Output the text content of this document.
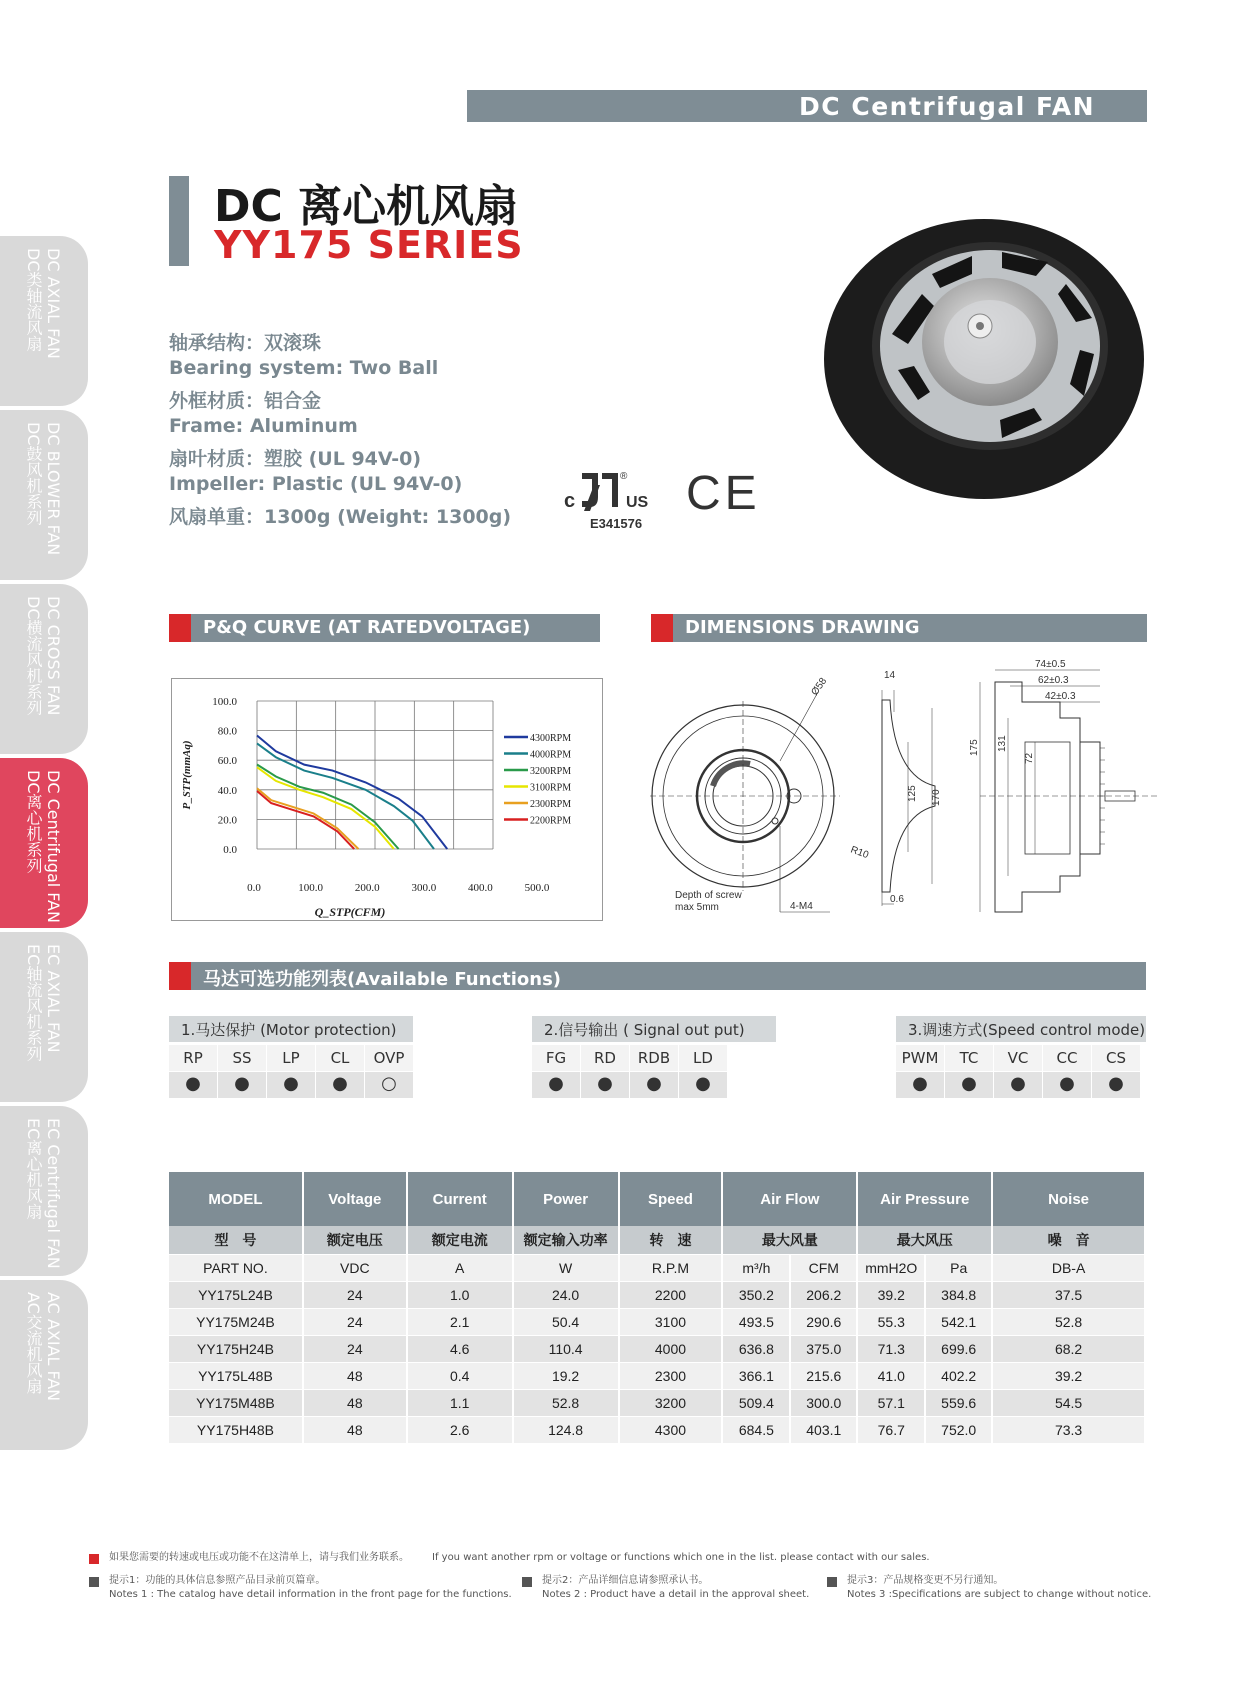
DC Centrifugal FAN
DC 离心机风扇
YY175 SERIES
轴承结构：双滚珠
Bearing system: Two Ball
外框材质：铝合金
Frame: Aluminum
扇叶材质：塑胶 (UL 94V-0)
Impeller: Plastic (UL 94V-0)
风扇单重：1300g (Weight: 1300g)
DC AXIAL FAN
DC类轴流风扇
DC BLOWER FAN
DC鼓风机系列
DC CROSS FAN
DC横流风机系列
DC Centrifugal FAN
DC离心机系列
EC AXIAL FAN
EC轴流风机系列
EC Centrifugal FAN
EC离心机风扇
AC AXIAL FAN
AC交流机风扇
c
®
US CE
E341576
P&Q CURVE (AT RATEDVOLTAGE)	DIMENSIONS DRAWING
马达可选功能列表(Available Functions)
0.0
20.0
40.0
60.0
80.0
100.0
0.0	100.0	200.0	300.0	400.0	500.0
Q_STP(CFM)
P_STP(mmAq)
4300RPM
4000RPM
3200RPM
3100RPM
2300RPM
2200RPM
Ø58
4-M4
Depth of screw
max 5mm
14
125 170
R10
0.6
74±0.5
62±0.3
42±0.3
175 131
72
1.马达保护 (Motor protection)
RP	SS	LP	CL	OVP
●	●	●	●	○
2.信号输出 ( Signal out put)
FG	RD	RDB	LD
●	●	●	●
3.调速方式(Speed control mode)
PWM	TC	VC	CC	CS
●	●	●	●	●
MODEL	Voltage	Current	Power	Speed	Air Flow		Air Pressure		Noise
型　号	额定电压	额定电流	额定输入功率	转　速	最大风量		最大风压		噪　音
PART NO.	VDC	A	W	R.P.M	m³/h	CFM	mmH2O	Pa	DB-A
YY175L24B	24	1.0	24.0	2200	350.2	206.2	39.2	384.8	37.5
YY175M24B	24	2.1	50.4	3100	493.5	290.6	55.3	542.1	52.8
YY175H24B	24	4.6	110.4	4000	636.8	375.0	71.3	699.6	68.2
YY175L48B	48	0.4	19.2	2300	366.1	215.6	41.0	402.2	39.2
YY175M48B	48	1.1	52.8	3200	509.4	300.0	57.1	559.6	54.5
YY175H48B	48	2.6	124.8	4300	684.5	403.1	76.7	752.0	73.3
如果您需要的转速或电压或功能不在这清单上，请与我们业务联系。 If you want another rpm or voltage or functions which one in the list. please contact with our sales.
提示1：功能的具体信息参照产品目录前页篇章。
Notes 1 : The catalog have detail information in the front page for the functions.
提示2：产品详细信息请参照承认书。
Notes 2 : Product have a detail in the approval sheet.
提示3：产品规格变更不另行通知。
Notes 3 :Specifications are subject to change without notice.
